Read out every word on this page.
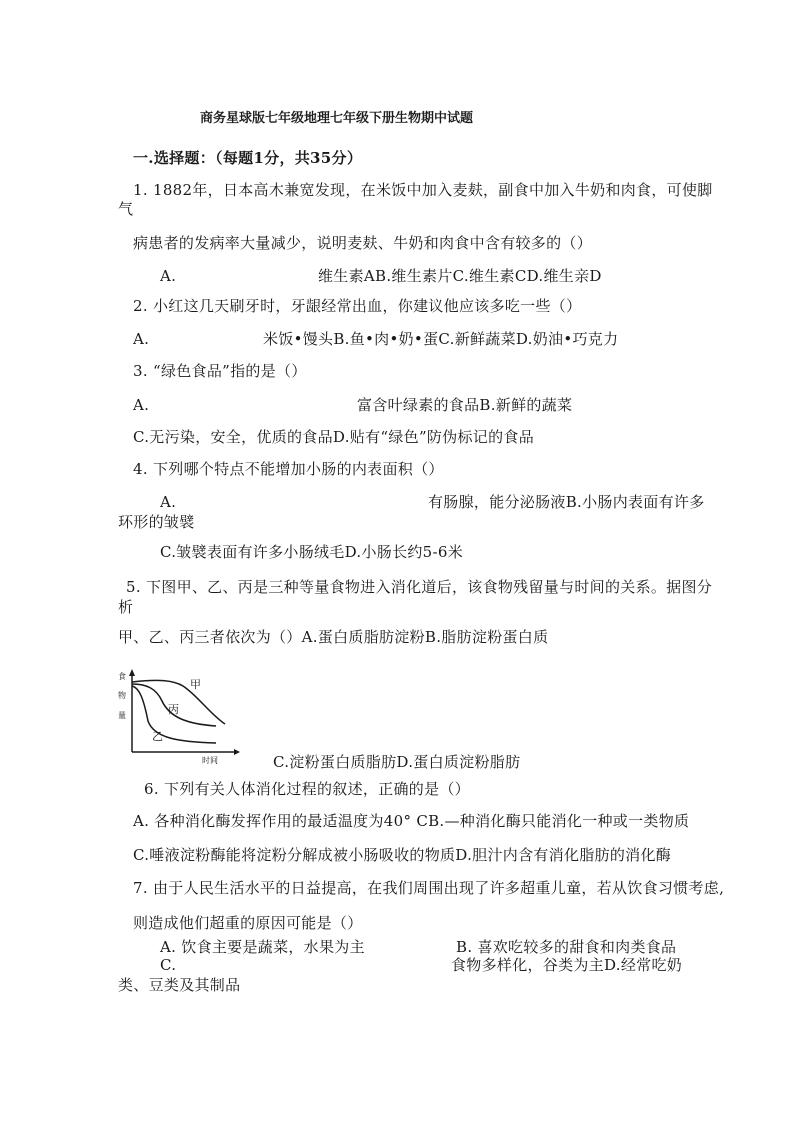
商务星球版七年级地理七年级下册生物期中试题
一.选择题：（每题1分，共35分）
1. 1882年，日本高木兼宽发现，在米饭中加入麦麸，副食中加入牛奶和肉食，可使脚
气
病患者的发病率大量减少，说明麦麸、牛奶和肉食中含有较多的（）
A.	维生素AB.维生素片C.维生素CD.维生亲D
2. 小红这几天刷牙时，牙龈经常出血，你建议他应该多吃一些（）
A.	米饭•馒头B.鱼•肉•奶•蛋C.新鲜蔬菜D.奶油•巧克力
3. “绿色食品”指的是（）
A.	富含叶绿素的食品B.新鲜的蔬菜
C.无污染，安全，优质的食品D.贴有“绿色”防伪标记的食品
4. 下列哪个特点不能增加小肠的内表面积（）
A.	有肠腺，能分泌肠液B.小肠内表面有许多
环形的皱襞
C.皱襞表面有许多小肠绒毛D.小肠长约5-6米
5. 下图甲、乙、丙是三种等量食物进入消化道后，该食物残留量与时间的关系。据图分
析
甲、乙、丙三者依次为（）A.蛋白质脂肪淀粉B.脂肪淀粉蛋白质
食
物
量
时间
甲
丙
乙
C.淀粉蛋白质脂肪D.蛋白质淀粉脂肪
6. 下列有关人体消化过程的叙述，正确的是（）
A. 各种消化酶发挥作用的最适温度为40° CB.—种消化酶只能消化一种或一类物质
C.唾液淀粉酶能将淀粉分解成被小肠吸收的物质D.胆汁内含有消化脂肪的消化酶
7. 由于人民生活水平的日益提高，在我们周围出现了许多超重儿童，若从饮食习惯考虑,
则造成他们超重的原因可能是（）
A. 饮食主要是蔬菜，水果为主	B. 喜欢吃较多的甜食和肉类食品
C.	食物多样化，谷类为主D.经常吃奶
类、豆类及其制品
